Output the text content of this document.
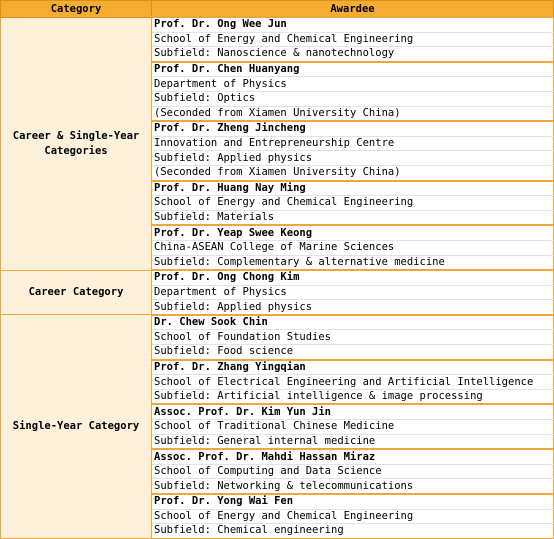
Category	Awardee
Career & Single-Year Categories	Prof. Dr. Ong Wee Jun
	School of Energy and Chemical Engineering
	Subfield: Nanoscience & nanotechnology
	Prof. Dr. Chen Huanyang
	Department of Physics
	Subfield: Optics
	(Seconded from Xiamen University China)
	Prof. Dr. Zheng Jincheng
	Innovation and Entrepreneurship Centre
	Subfield: Applied physics
	(Seconded from Xiamen University China)
	Prof. Dr. Huang Nay Ming
	School of Energy and Chemical Engineering
	Subfield: Materials
	Prof. Dr. Yeap Swee Keong
	China-ASEAN College of Marine Sciences
	Subfield: Complementary & alternative medicine
Career Category	Prof. Dr. Ong Chong Kim
	Department of Physics
	Subfield: Applied physics
Single-Year Category	Dr. Chew Sook Chin
	School of Foundation Studies
	Subfield: Food science
	Prof. Dr. Zhang Yingqian
	School of Electrical Engineering and Artificial Intelligence
	Subfield: Artificial intelligence & image processing
	Assoc. Prof. Dr. Kim Yun Jin
	School of Traditional Chinese Medicine
	Subfield: General internal medicine
	Assoc. Prof. Dr. Mahdi Hassan Miraz
	School of Computing and Data Science
	Subfield: Networking & telecommunications
	Prof. Dr. Yong Wai Fen
	School of Energy and Chemical Engineering
	Subfield: Chemical engineering
